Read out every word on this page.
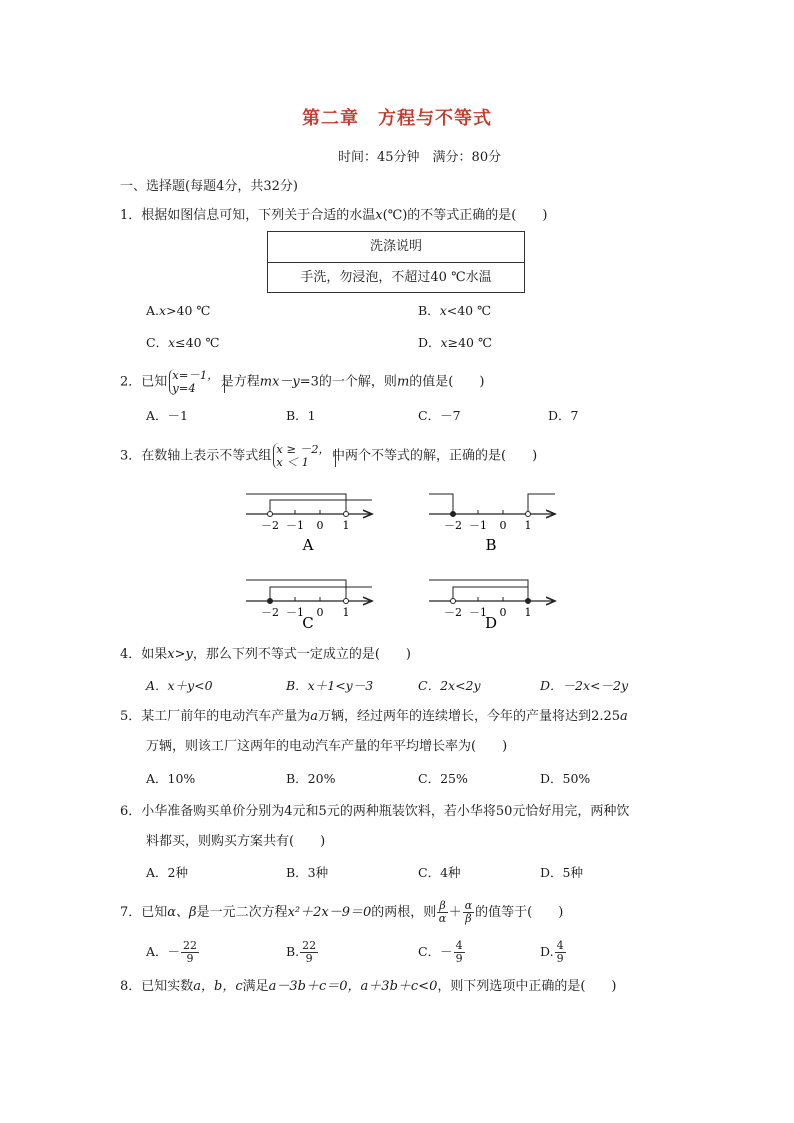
第二章　方程与不等式
时间：45分钟　满分：80分
一、选择题(每题4分，共32分)
1．根据如图信息可知，下列关于合适的水温x(℃)的不等式正确的是(　　)
洗涤说明
手洗，勿浸泡，不超过40 ℃水温
A.x>40 ℃	B．x<40 ℃
C．x≤40 ℃	D．x≥40 ℃
2．已知 x=－1，
y=4	是方程mx－y=3的一个解，则m的值是(　　)
A．－1	B．1	C．－7	D．7
3．在数轴上表示不等式组 x ≥ －2，
x ＜ 1	中两个不等式的解，正确的是(　　)
－2 －1 0 1
A
－2 －1 0 1
B
－2 －1 0 1
C
－2 －1 0 1
D
4．如果x>y，那么下列不等式一定成立的是(　　)
A．x＋y<0	B．x＋1<y－3	C．2x<2y	D．－2x<－2y
5．某工厂前年的电动汽车产量为a万辆，经过两年的连续增长，今年的产量将达到2.25a
万辆，则该工厂这两年的电动汽车产量的年平均增长率为(　　)
A．10%	B．20%	C．25%	D．50%
6．小华准备购买单价分别为4元和5元的两种瓶装饮料，若小华将50元恰好用完，两种饮
料都买，则购买方案共有(　　)
A．2种	B．3种	C．4种	D．5种
7．已知α、β是一元二次方程x²＋2x－9＝0的两根，则 $\frac{\beta}{\alpha} + \frac{\alpha}{\beta}$ 的值等于(　　)
A．－ $\frac{22}{9}$	B. $\frac{22}{9}$	C．－ $\frac{4}{9}$	D. $\frac{4}{9}$
8．已知实数a，b，c满足a－3b＋c＝0，a＋3b＋c<0，则下列选项中正确的是(　　)
